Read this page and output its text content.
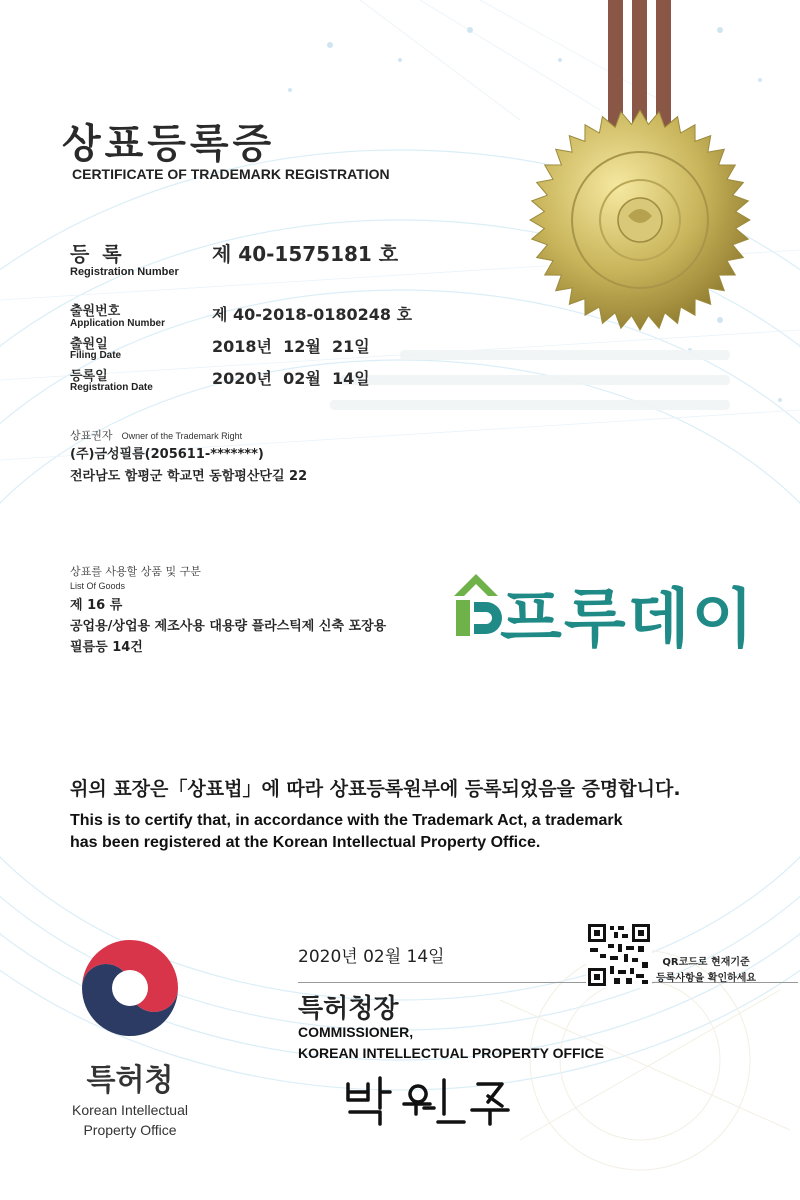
상표등록증
CERTIFICATE OF TRADEMARK REGISTRATION
등 록
Registration Number
제 40-1575181 호
출원번호
Application Number	제 40-2018-0180248 호
출원일
Filing Date	2018년  12월  21일
등록일
Registration Date	2020년  02월  14일
상표권자 Owner of the Trademark Right
(주)금성필름(205611-*******)
전라남도 함평군 학교면 동함평산단길 22
상표를 사용할 상품 및 구분
List Of Goods
제 16 류
공업용/상업용 제조사용 대용량 플라스틱제 신축 포장용
필름등 14건	프루데이
위의 표장은「상표법」에 따라 상표등록원부에 등록되었음을 증명합니다.
This is to certify that, in accordance with the Trademark Act, a trademark
has been registered at the Korean Intellectual Property Office.
특허청
Korean Intellectual
Property Office
2020년 02월 14일
특허청장
COMMISSIONER,
KOREAN INTELLECTUAL PROPERTY OFFICE
QR코드로 현재기준
등록사항을 확인하세요
